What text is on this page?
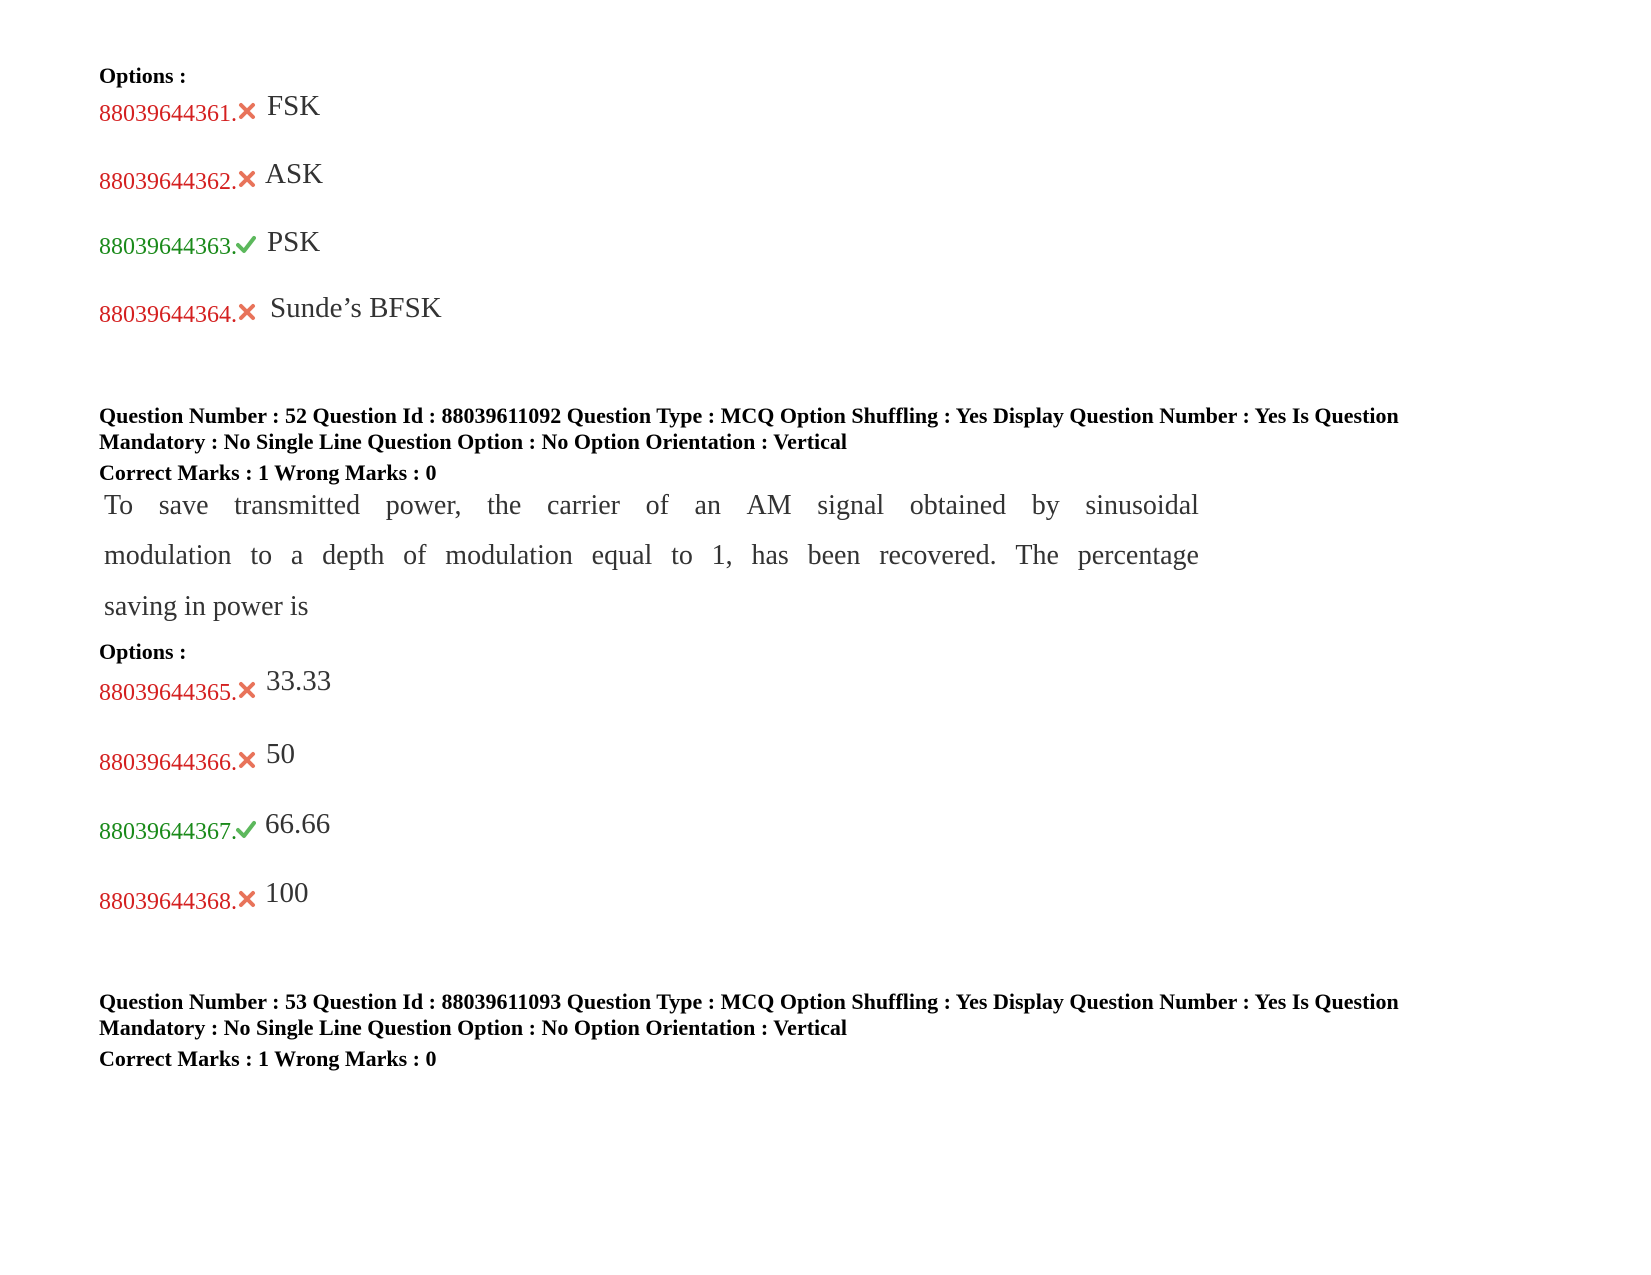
Options :
88039644361. FSK
88039644362. ASK
88039644363. PSK
88039644364. Sunde’s BFSK
Question Number : 52 Question Id : 88039611092 Question Type : MCQ Option Shuffling : Yes Display Question Number : Yes Is Question
Mandatory : No Single Line Question Option : No Option Orientation : Vertical
Correct Marks : 1 Wrong Marks : 0
To save transmitted power, the carrier of an AM signal obtained by sinusoidal
modulation to a depth of modulation equal to 1, has been recovered. The percentage
saving in power is
Options :
88039644365. 33.33
88039644366. 50
88039644367. 66.66
88039644368. 100
Question Number : 53 Question Id : 88039611093 Question Type : MCQ Option Shuffling : Yes Display Question Number : Yes Is Question
Mandatory : No Single Line Question Option : No Option Orientation : Vertical
Correct Marks : 1 Wrong Marks : 0
